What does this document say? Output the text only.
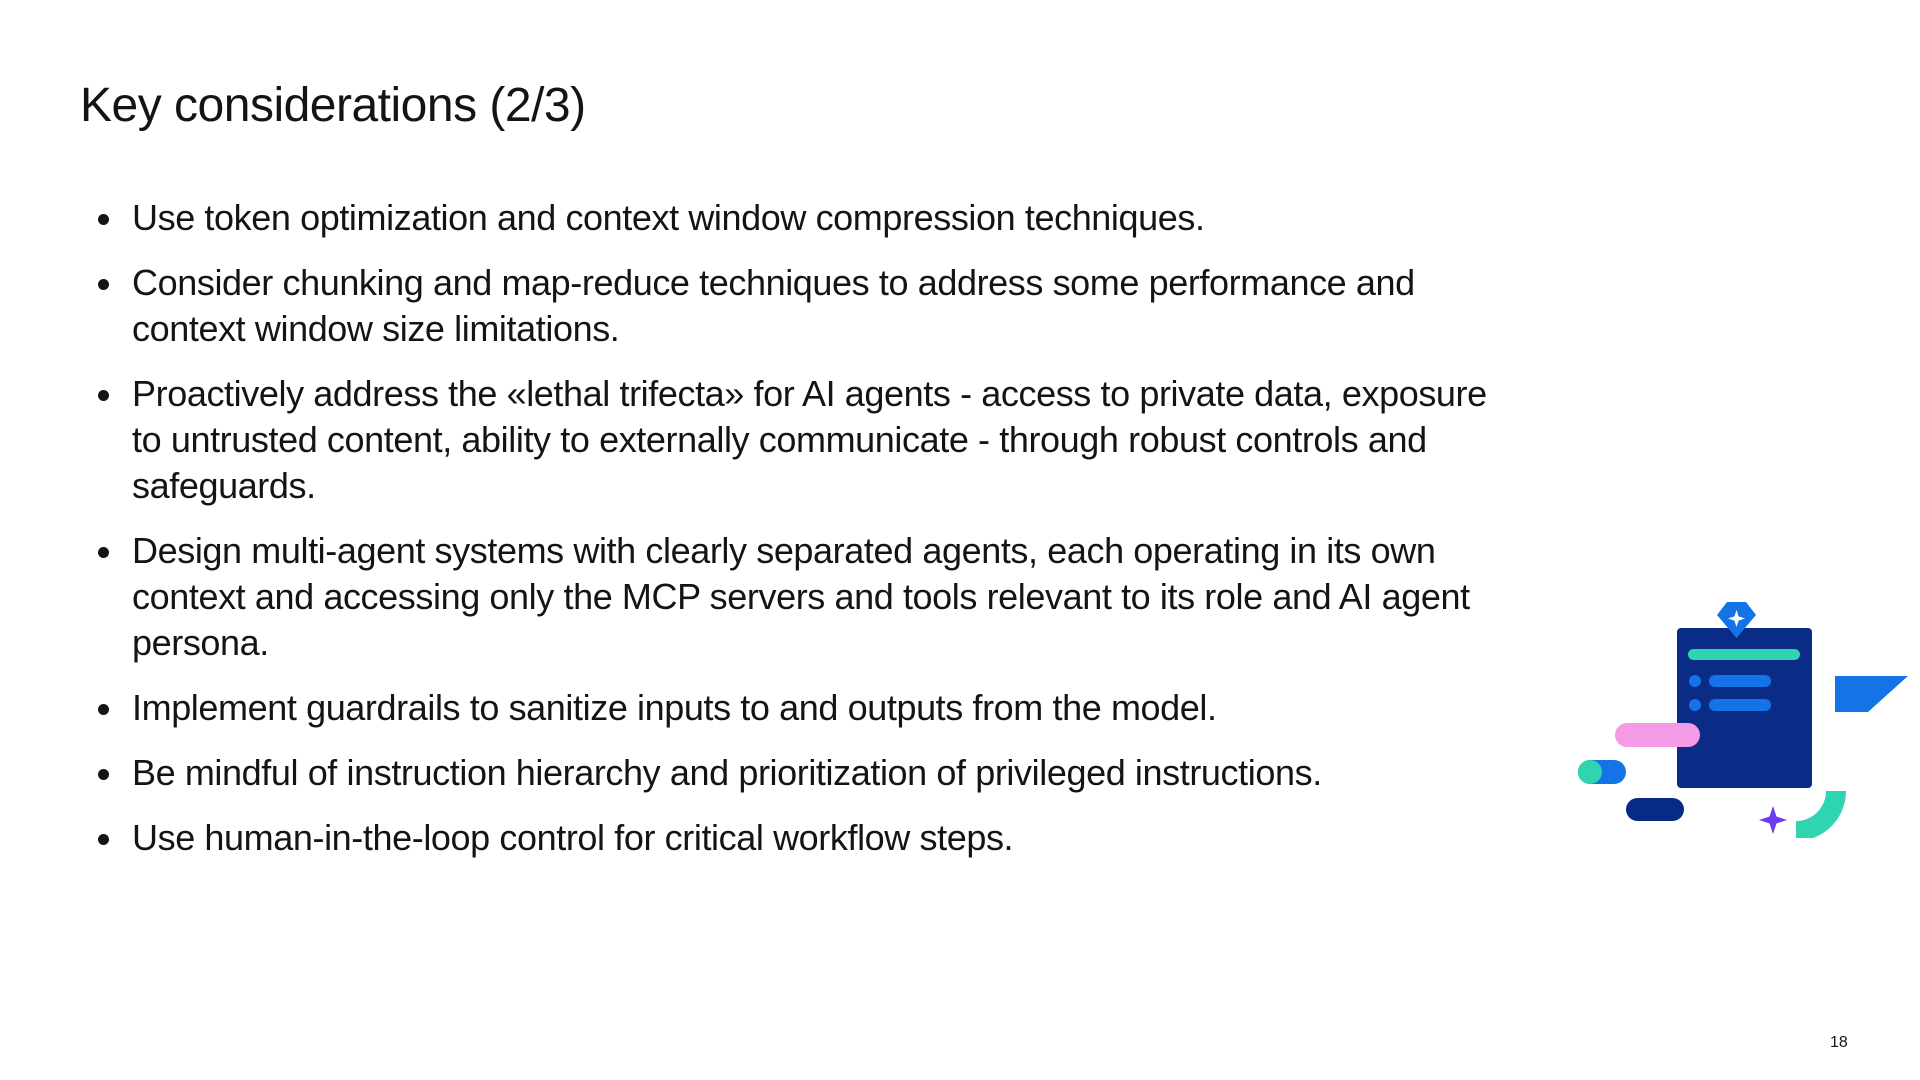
Key considerations (2/3)
Use token optimization and context window compression techniques.
Consider chunking and map-reduce techniques to address some performance and context window size limitations.
Proactively address the «lethal trifecta» for AI agents - access to private data, exposure to untrusted content, ability to externally communicate - through robust controls and safeguards.
Design multi-agent systems with clearly separated agents, each operating in its own context and accessing only the MCP servers and tools relevant to its role and AI agent persona.
Implement guardrails to sanitize inputs to and outputs from the model.
Be mindful of instruction hierarchy and prioritization of privileged instructions.
Use human-in-the-loop control for critical workflow steps.
18
